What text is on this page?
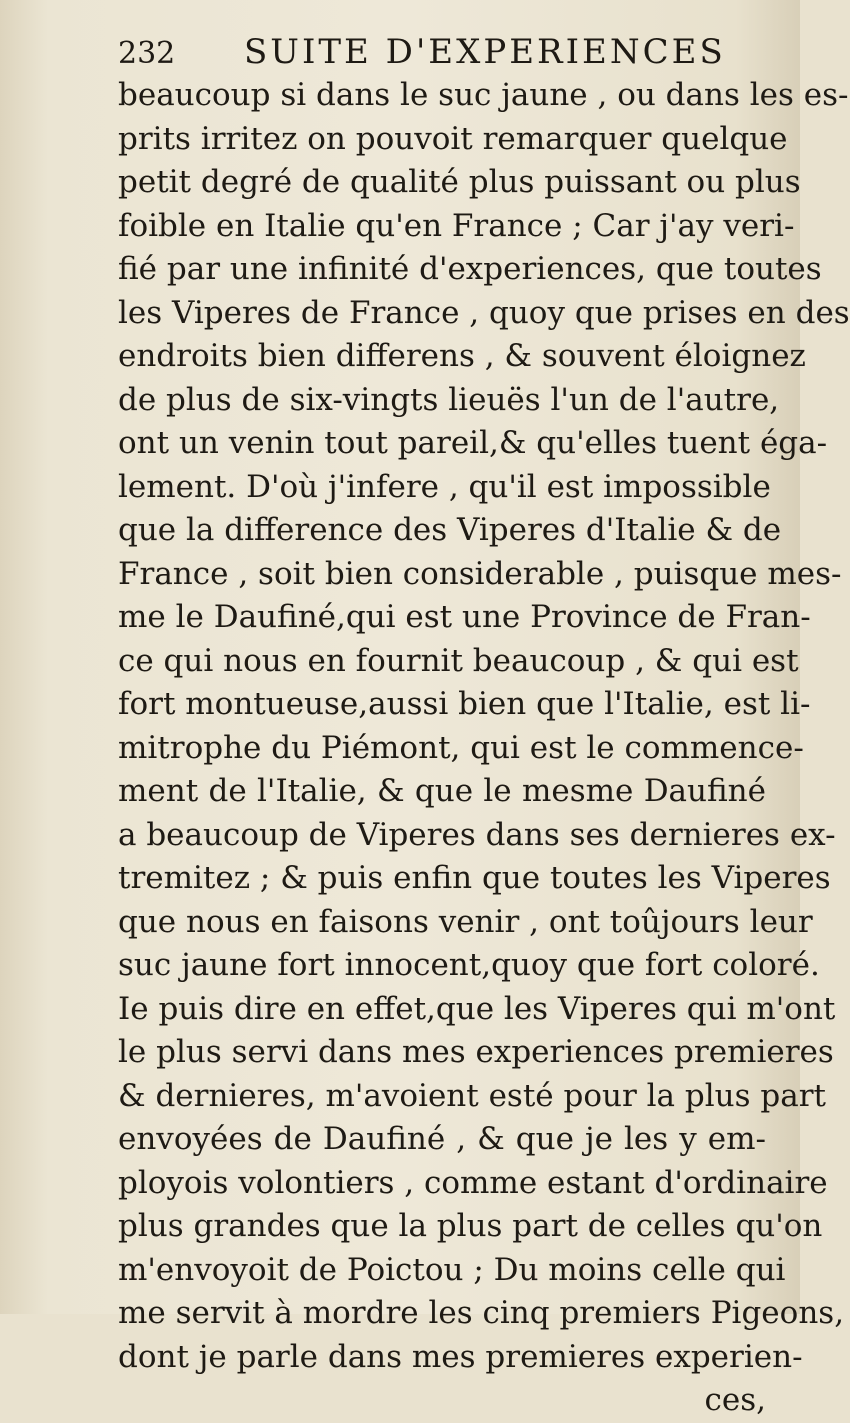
232 SUITE D'EXPERIENCES
beaucoup si dans le suc jaune , ou dans les es-
prits irritez on pouvoit remarquer quelque
petit degré de qualité plus puissant ou plus
foible en Italie qu'en France ; Car j'ay veri-
fié par une infinité d'experiences, que toutes
les Viperes de France , quoy que prises en des
endroits bien differens , & souvent éloignez
de plus de six-vingts lieuës l'un de l'autre,
ont un venin tout pareil,& qu'elles tuent éga-
lement. D'où j'infere , qu'il est impossible
que la difference des Viperes d'Italie & de
France , soit bien considerable , puisque mes-
me le Daufiné,qui est une Province de Fran-
ce qui nous en fournit beaucoup , & qui est
fort montueuse,aussi bien que l'Italie, est li-
mitrophe du Piémont, qui est le commence-
ment de l'Italie, & que le mesme Daufiné
a beaucoup de Viperes dans ses dernieres ex-
tremitez ; & puis enfin que toutes les Viperes
que nous en faisons venir , ont toûjours leur
suc jaune fort innocent,quoy que fort coloré.
Ie puis dire en effet,que les Viperes qui m'ont
le plus servi dans mes experiences premieres
& dernieres, m'avoient esté pour la plus part
envoyées de Daufiné , & que je les y em-
ployois volontiers , comme estant d'ordinaire
plus grandes que la plus part de celles qu'on
m'envoyoit de Poictou ; Du moins celle qui
me servit à mordre les cinq premiers Pigeons,
dont je parle dans mes premieres experien-
ces,
